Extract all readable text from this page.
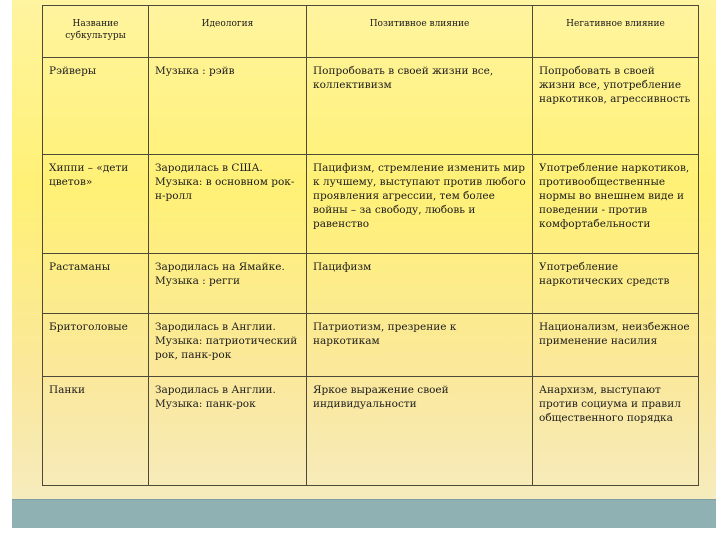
Название субкультуры	Идеология	Позитивное влияние	Негативное влияние
Рэйверы	Музыка : рэйв	Попробовать в своей жизни все, коллективизм	Попробовать в своей жизни все, употребление наркотиков, агрессивность
Хиппи – «дети цветов»	Зародилась в США. Музыка: в основном рок-н-ролл	Пацифизм, стремление изменить мир к лучшему, выступают против любого проявления агрессии, тем более войны – за свободу, любовь и равенство	Употребление наркотиков, противообщественные нормы во внешнем виде и поведении - против комфортабельности
Растаманы	Зародилась на Ямайке. Музыка : регги	Пацифизм	Употребление наркотических средств
Бритоголовые	Зародилась в Англии. Музыка: патриотический рок, панк-рок	Патриотизм, презрение к наркотикам	Национализм, неизбежное применение насилия
Панки	Зародилась в Англии. Музыка: панк-рок	Яркое выражение своей индивидуальности	Анархизм, выступают против социума и правил общественного порядка
